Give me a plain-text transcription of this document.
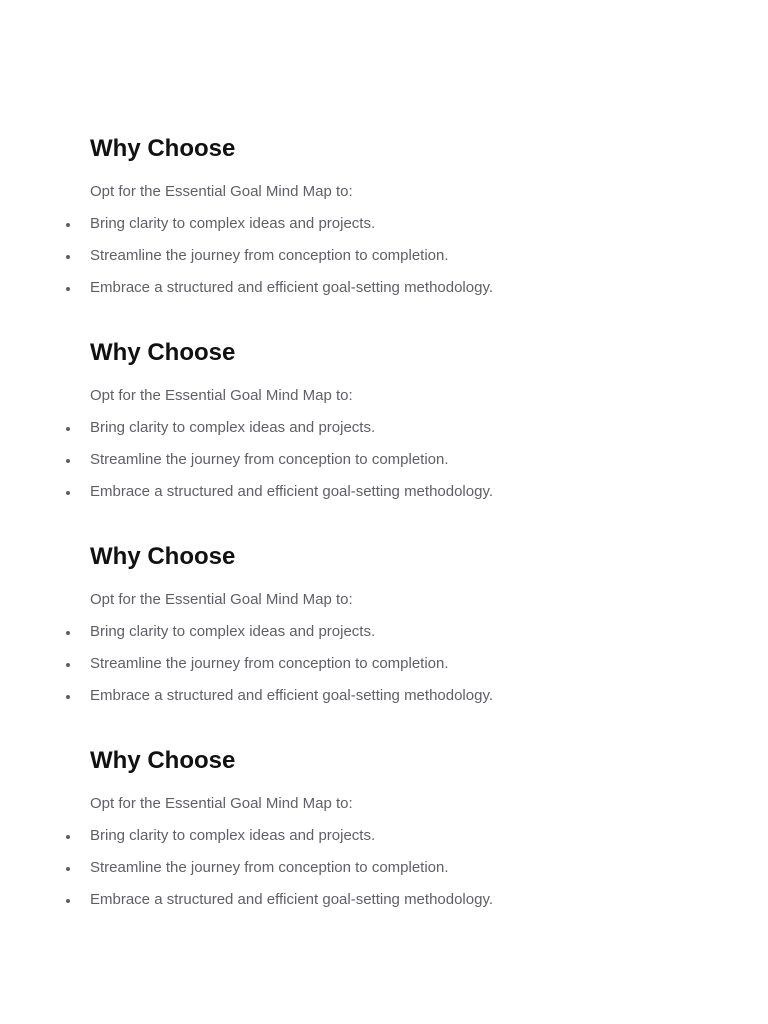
Why Choose

Opt for the Essential Goal Mind Map to:

Bring clarity to complex ideas and projects.
Streamline the journey from conception to completion.
Embrace a structured and efficient goal-setting methodology.
Why Choose

Opt for the Essential Goal Mind Map to:

Bring clarity to complex ideas and projects.
Streamline the journey from conception to completion.
Embrace a structured and efficient goal-setting methodology.
Why Choose

Opt for the Essential Goal Mind Map to:

Bring clarity to complex ideas and projects.
Streamline the journey from conception to completion.
Embrace a structured and efficient goal-setting methodology.
Why Choose

Opt for the Essential Goal Mind Map to:

Bring clarity to complex ideas and projects.
Streamline the journey from conception to completion.
Embrace a structured and efficient goal-setting methodology.
